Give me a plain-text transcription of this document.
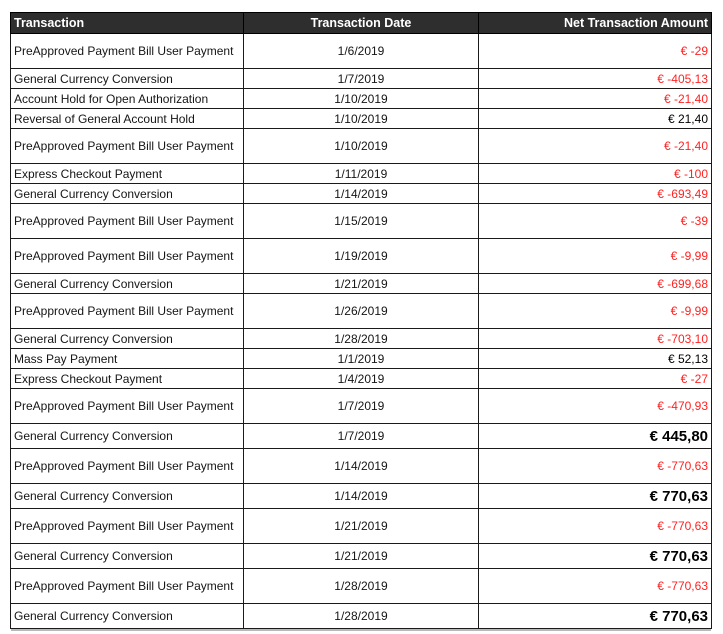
Transaction	Transaction Date	Net Transaction Amount
PreApproved Payment Bill User Payment	1/6/2019	€ -29
General Currency Conversion	1/7/2019	€ -405,13
Account Hold for Open Authorization	1/10/2019	€ -21,40
Reversal of General Account Hold	1/10/2019	€ 21,40
PreApproved Payment Bill User Payment	1/10/2019	€ -21,40
Express Checkout Payment	1/11/2019	€ -100
General Currency Conversion	1/14/2019	€ -693,49
PreApproved Payment Bill User Payment	1/15/2019	€ -39
PreApproved Payment Bill User Payment	1/19/2019	€ -9,99
General Currency Conversion	1/21/2019	€ -699,68
PreApproved Payment Bill User Payment	1/26/2019	€ -9,99
General Currency Conversion	1/28/2019	€ -703,10
Mass Pay Payment	1/1/2019	€ 52,13
Express Checkout Payment	1/4/2019	€ -27
PreApproved Payment Bill User Payment	1/7/2019	€ -470,93
General Currency Conversion	1/7/2019	€ 445,80
PreApproved Payment Bill User Payment	1/14/2019	€ -770,63
General Currency Conversion	1/14/2019	€ 770,63
PreApproved Payment Bill User Payment	1/21/2019	€ -770,63
General Currency Conversion	1/21/2019	€ 770,63
PreApproved Payment Bill User Payment	1/28/2019	€ -770,63
General Currency Conversion	1/28/2019	€ 770,63
